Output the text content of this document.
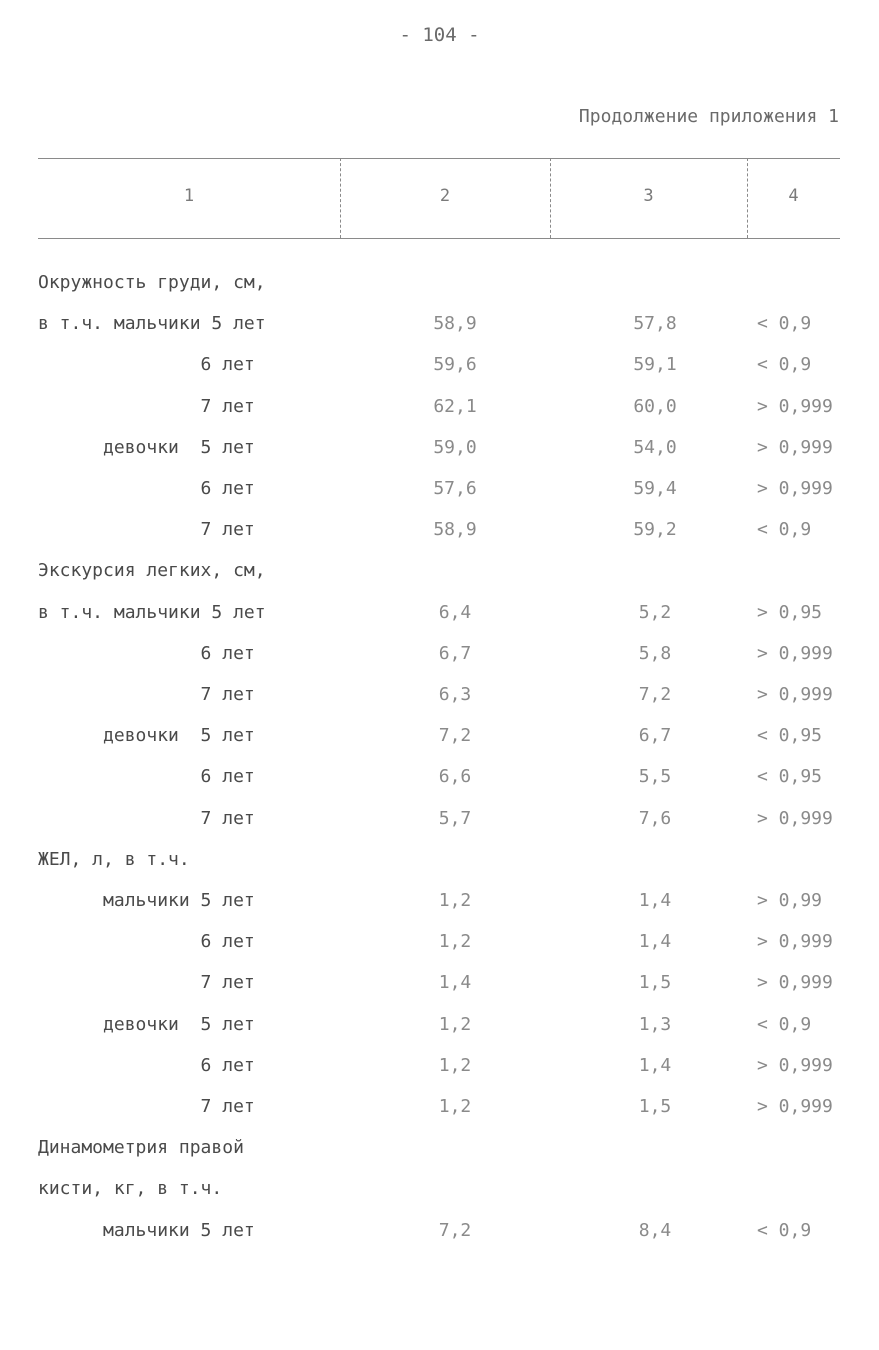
- 104 -
Продолжение приложения 1
1	2	3	4
Окружность груди, см,
в т.ч. мальчики 5 лет	58,9	57,8	< 0,9
6 лет	59,6	59,1	< 0,9
7 лет	62,1	60,0	> 0,999
девочки  5 лет	59,0	54,0	> 0,999
6 лет	57,6	59,4	> 0,999
7 лет	58,9	59,2	< 0,9
Экскурсия легких, см,
в т.ч. мальчики 5 лет	6,4	5,2	> 0,95
6 лет	6,7	5,8	> 0,999
7 лет	6,3	7,2	> 0,999
девочки  5 лет	7,2	6,7	< 0,95
6 лет	6,6	5,5	< 0,95
7 лет	5,7	7,6	> 0,999
ЖЕЛ, л, в т.ч.
мальчики 5 лет	1,2	1,4	> 0,99
6 лет	1,2	1,4	> 0,999
7 лет	1,4	1,5	> 0,999
девочки  5 лет	1,2	1,3	< 0,9
6 лет	1,2	1,4	> 0,999
7 лет	1,2	1,5	> 0,999
Динамометрия правой
кисти, кг, в т.ч.
мальчики 5 лет	7,2	8,4	< 0,9
